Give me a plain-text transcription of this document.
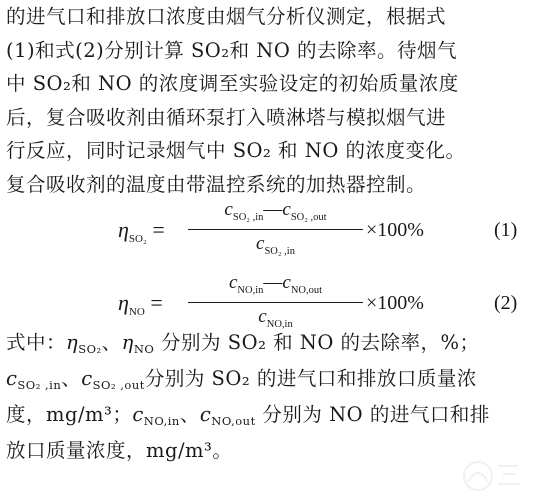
的进气口和排放口浓度由烟气分析仪测定，根据式
(1)和式(2)分别计算 SO₂和 NO 的去除率。待烟气
中 SO₂和 NO 的浓度调至实验设定的初始质量浓度
后，复合吸收剂由循环泵打入喷淋塔与模拟烟气进
行反应，同时记录烟气中 SO₂ 和 NO 的浓度变化。
复合吸收剂的温度由带温控系统的加热器控制。
$\eta_{SO_2}$ =
$c_{SO_2 ,in}—c_{SO_2 ,out}$
$c_{SO_2 ,in}$
×100%	(1)
$\eta_{NO}$ =
$c_{NO,in}—c_{NO,out}$
$c_{NO,in}$
×100%	(2)
式中：$\eta_{SO_2}$、$\eta_{NO}$ 分别为 SO₂ 和 NO 的去除率，%；
$c_{SO_2 ,in}$、$c_{SO_2 ,out}$分别为 SO₂ 的进气口和排放口质量浓
度，mg/m³；$c_{NO,in}$、$c_{NO,out}$ 分别为 NO 的进气口和排
放口质量浓度，mg/m³。
